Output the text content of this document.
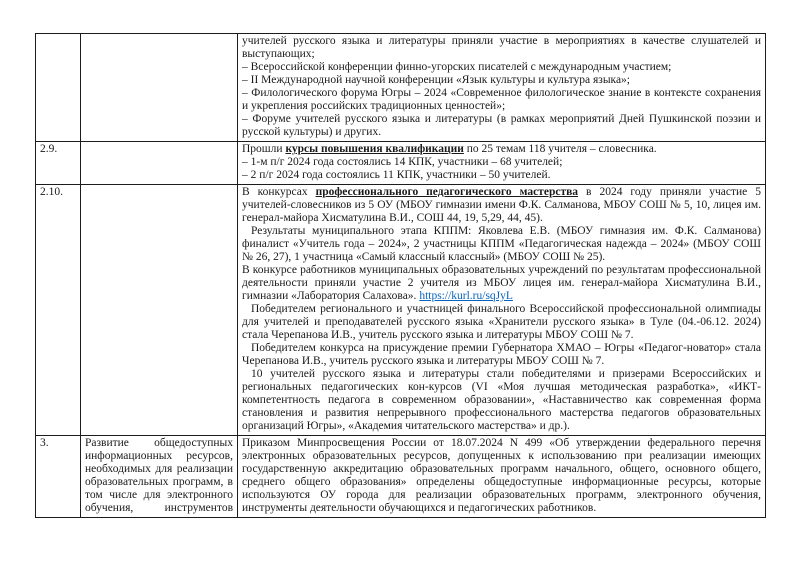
		учителей русского языка и литературы приняли участие в мероприятиях в качестве слушателей и выступающих;

– Всероссийской конференции финно-угорских писателей с международным участием;

– II Международной научной конференции «Язык культуры и культура языка»;

– Филологического форума Югры – 2024 «Современное филологическое знание в контексте сохранения и укрепления российских традиционных ценностей»;

– Форуме учителей русского языка и литературы (в рамках мероприятий Дней Пушкинской поэзии и русской культуры) и других.

2.9.		Прошли курсы повышения квалификации по 25 темам 118 учителя – словесника.

– 1-м п/г 2024 года состоялись 14 КПК, участники – 68 учителей;

– 2 п/г 2024 года состоялись 11 КПК, участники – 50 учителей.

2.10.		В конкурсах профессионального педагогического мастерства в 2024 году приняли участие 5 учителей-словесников из 5 ОУ (МБОУ гимназии имени Ф.К. Салманова, МБОУ СОШ № 5, 10, лицея им. генерал-майора Хисматулина В.И., СОШ 44, 19, 5,29, 44, 45).

Результаты муниципального этапа КППМ: Яковлева Е.В. (МБОУ гимназия им. Ф.К. Салманова) финалист «Учитель года – 2024», 2 участницы КППМ «Педагогическая надежда – 2024» (МБОУ СОШ № 26, 27), 1 участница «Самый классный классный» (МБОУ СОШ № 25).

В конкурсе работников муниципальных образовательных учреждений по результатам профессиональной деятельности приняли участие 2 учителя из МБОУ лицея им. генерал-майора Хисматулина В.И., гимназии «Лаборатория Салахова». https://kurl.ru/sqJyL

Победителем регионального и участницей финального Всероссийской профессиональной олимпиады для учителей и преподавателей русского языка «Хранители русского языка» в Туле (04.-06.12. 2024) стала Черепанова И.В., учитель русского языка и литературы МБОУ СОШ № 7.

Победителем конкурса на присуждение премии Губернатора ХМАО – Югры «Педагог-новатор» стала Черепанова И.В., учитель русского языка и литературы МБОУ СОШ № 7.

10 учителей русского языка и литературы стали победителями и призерами Всероссийских и региональных педагогических кон-курсов (VI «Моя лучшая методическая разработка», «ИКТ-компетентность педагога в современном образовании», «Наставничество как современная форма становления и развития непрерывного профессионального мастерства педагогов образовательных организаций Югры», «Академия читательского мастерства» и др.).

3.	Развитие общедоступных информационных ресурсов, необходимых для реализации образовательных программ, в том числе для электронного обучения, инструментов	Приказом Минпросвещения России от 18.07.2024 N 499 «Об утверждении федерального перечня электронных образовательных ресурсов, допущенных к использованию при реализации имеющих государственную аккредитацию образовательных программ начального, общего, основного общего, среднего общего образования» определены общедоступные информационные ресурсы, которые используются ОУ города для реализации образовательных программ, электронного обучения, инструменты деятельности обучающихся и педагогических работников.
